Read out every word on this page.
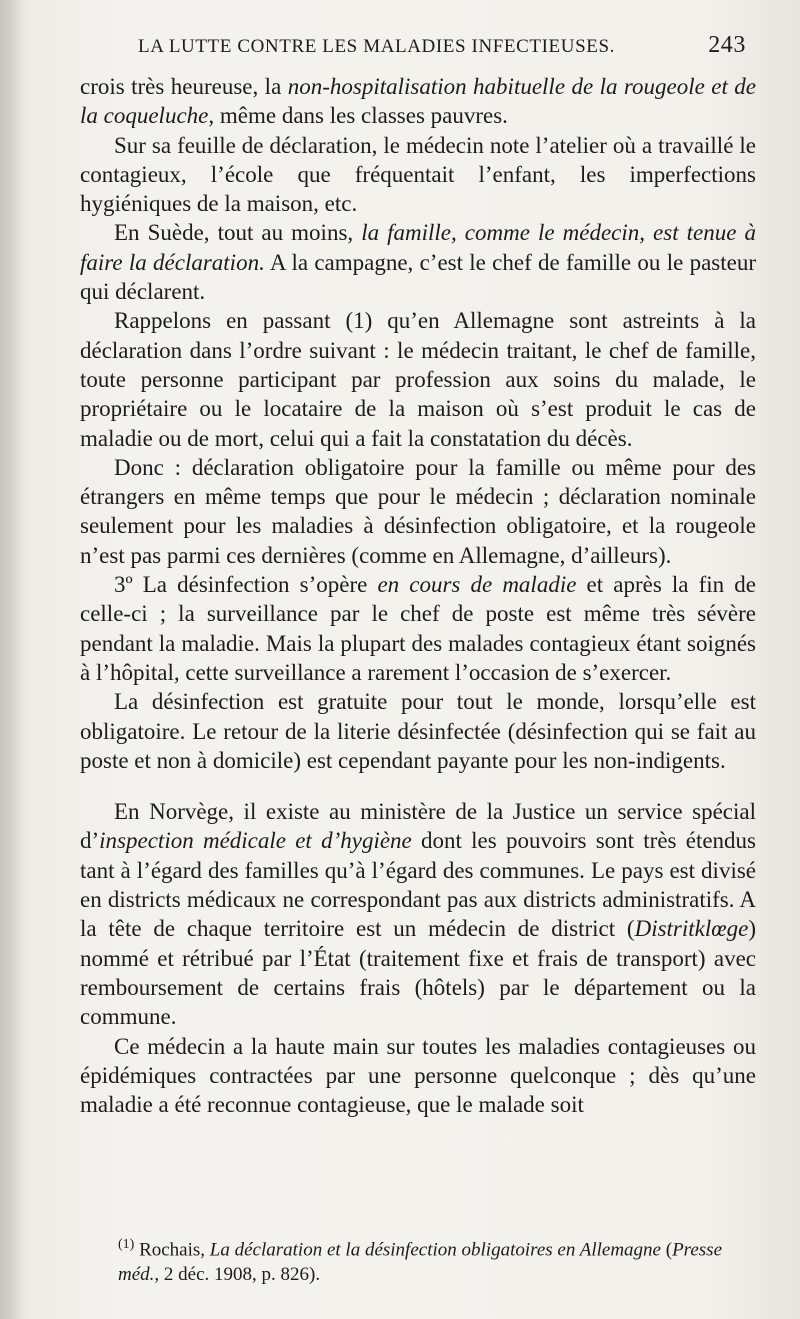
LA LUTTE CONTRE LES MALADIES INFECTIEUSES.	243

crois très heureuse, la non-hospitalisation habituelle de la rougeole et de la coqueluche, même dans les classes pauvres.

Sur sa feuille de déclaration, le médecin note l’atelier où a travaillé le contagieux, l’école que fréquentait l’enfant, les imperfections hygiéniques de la maison, etc.

En Suède, tout au moins, la famille, comme le médecin, est tenue à faire la déclaration. A la campagne, c’est le chef de famille ou le pasteur qui déclarent.

Rappelons en passant (1) qu’en Allemagne sont astreints à la déclaration dans l’ordre suivant : le médecin traitant, le chef de famille, toute personne participant par profession aux soins du malade, le propriétaire ou le locataire de la maison où s’est produit le cas de maladie ou de mort, celui qui a fait la constatation du décès.

Donc : déclaration obligatoire pour la famille ou même pour des étrangers en même temps que pour le médecin ; déclaration nominale seulement pour les maladies à désinfection obligatoire, et la rougeole n’est pas parmi ces dernières (comme en Allemagne, d’ailleurs).

3º La désinfection s’opère en cours de maladie et après la fin de celle-ci ; la surveillance par le chef de poste est même très sévère pendant la maladie. Mais la plupart des malades contagieux étant soignés à l’hôpital, cette surveillance a rarement l’occasion de s’exercer.

La désinfection est gratuite pour tout le monde, lorsqu’elle est obligatoire. Le retour de la literie désinfectée (désinfection qui se fait au poste et non à domicile) est cependant payante pour les non-indigents.

En Norvège, il existe au ministère de la Justice un service spécial d’inspection médicale et d’hygiène dont les pouvoirs sont très étendus tant à l’égard des familles qu’à l’égard des communes. Le pays est divisé en districts médicaux ne correspondant pas aux districts administratifs. A la tête de chaque territoire est un médecin de district (Distritklœge) nommé et rétribué par l’État (traitement fixe et frais de transport) avec remboursement de certains frais (hôtels) par le département ou la commune.

Ce médecin a la haute main sur toutes les maladies contagieuses ou épidémiques contractées par une personne quelconque ; dès qu’une maladie a été reconnue contagieuse, que le malade soit

$^{(1)}$ Rochais, La déclaration et la désinfection obligatoires en Allemagne (Presse méd., 2 déc. 1908, p. 826).
